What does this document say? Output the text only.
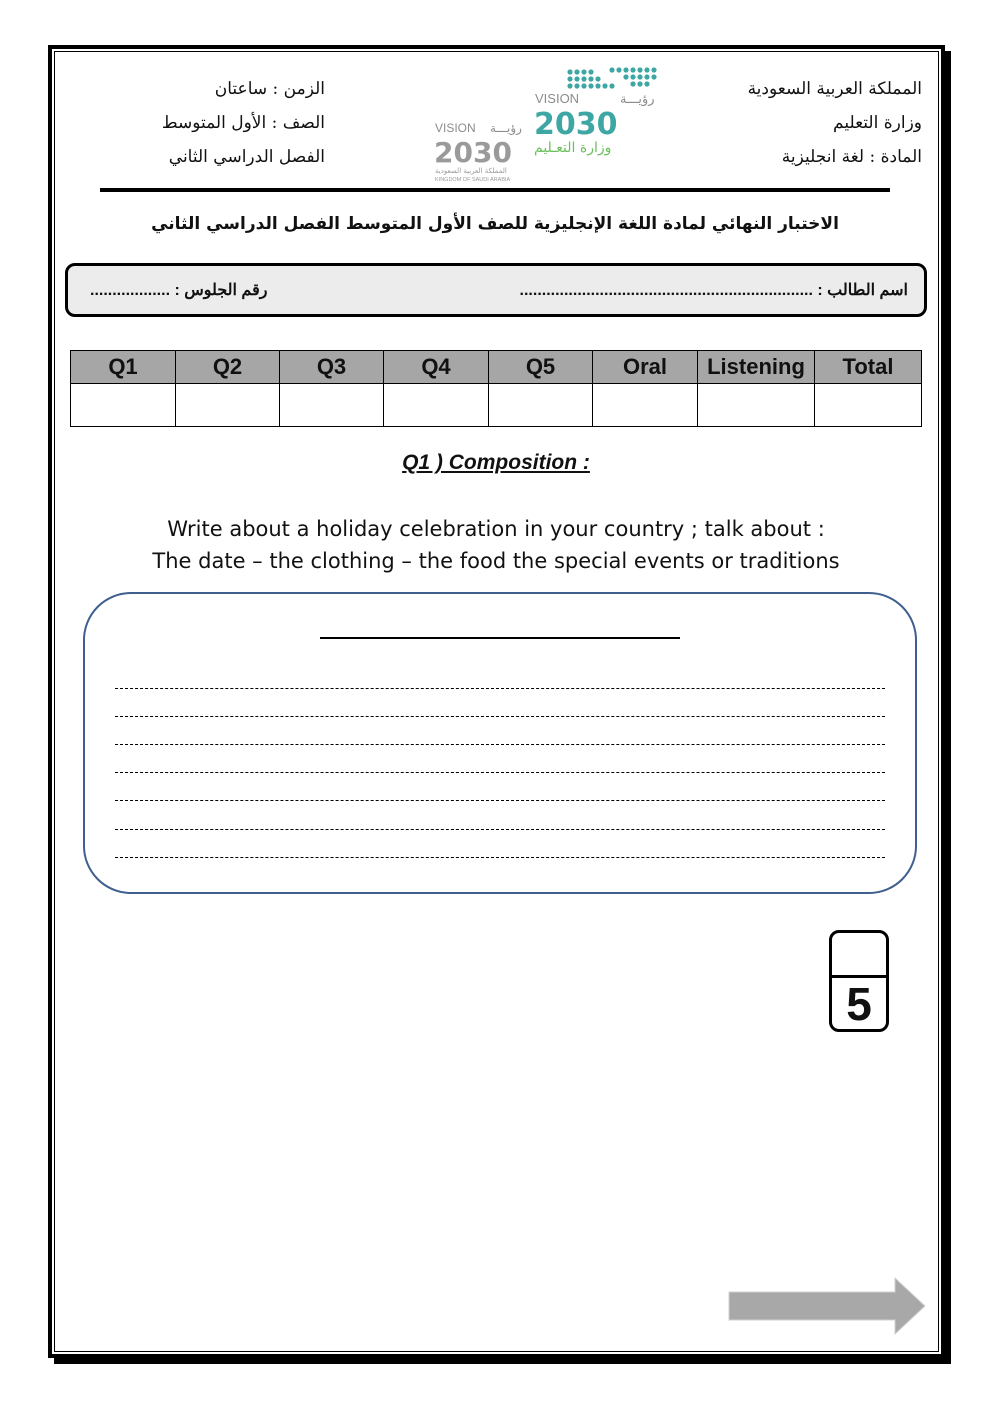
المملكة العربية السعودية
وزارة التعليم
المادة : لغة انجليزية
الزمن : ساعتان
الصف : الأول المتوسط
الفصل الدراسي الثاني
VISION	رؤيـــة
2030
وزارة التعـليم
VISION رؤيـــة
2030
المملكة العربية السعودية
KINGDOM OF SAUDI ARABIA
الاختبار النهائي لمادة اللغة الإنجليزية للصف الأول المتوسط الفصل الدراسي الثاني
اسم الطالب : ..................................................................
رقم الجلوس : ..................
Q1	Q2	Q3	Q4	Q5	Oral	Listening	Total

Q1 ) Composition :
Write about a holiday celebration in your country ; talk about :
The date – the clothing – the food the special events or traditions
5
